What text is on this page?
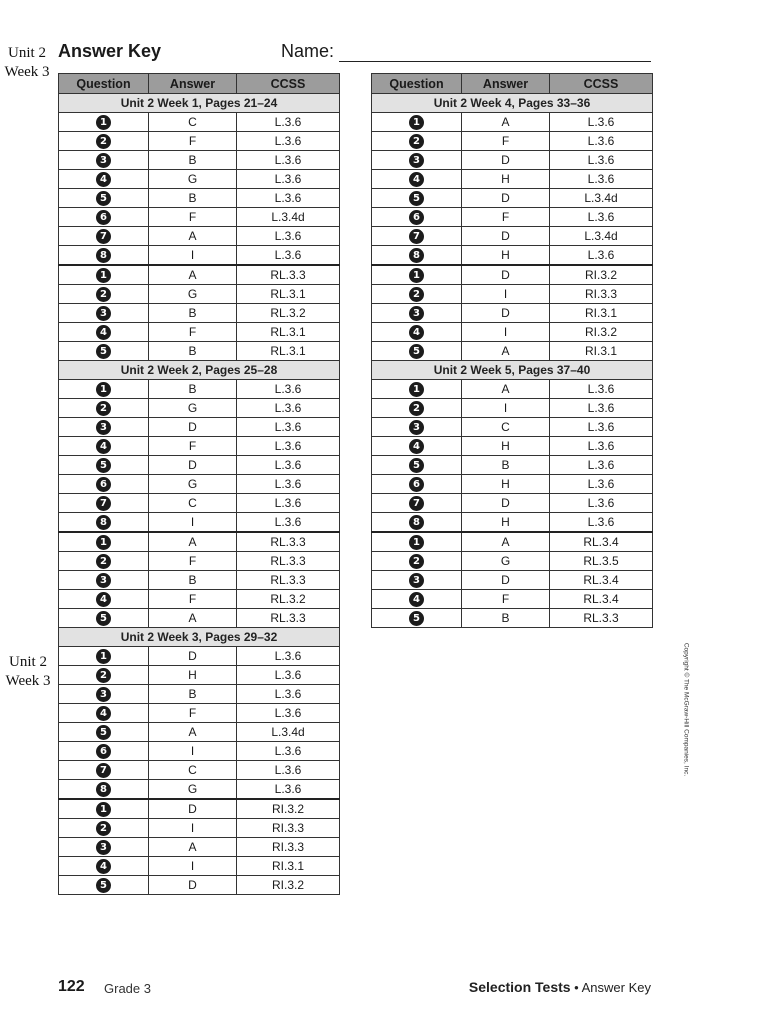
Unit 2
Week 3
Unit 2
Week 3
Answer Key	Name:
Question	Answer	CCSS
Unit 2 Week 1, Pages 21–24		
1	C	L.3.6
2	F	L.3.6
3	B	L.3.6
4	G	L.3.6
5	B	L.3.6
6	F	L.3.4d
7	A	L.3.6
8	I	L.3.6
1	A	RL.3.3
2	G	RL.3.1
3	B	RL.3.2
4	F	RL.3.1
5	B	RL.3.1
Unit 2 Week 2, Pages 25–28		
1	B	L.3.6
2	G	L.3.6
3	D	L.3.6
4	F	L.3.6
5	D	L.3.6
6	G	L.3.6
7	C	L.3.6
8	I	L.3.6
1	A	RL.3.3
2	F	RL.3.3
3	B	RL.3.3
4	F	RL.3.2
5	A	RL.3.3
Unit 2 Week 3, Pages 29–32		
1	D	L.3.6
2	H	L.3.6
3	B	L.3.6
4	F	L.3.6
5	A	L.3.4d
6	I	L.3.6
7	C	L.3.6
8	G	L.3.6
1	D	RI.3.2
2	I	RI.3.3
3	A	RI.3.3
4	I	RI.3.1
5	D	RI.3.2
Question	Answer	CCSS
Unit 2 Week 4, Pages 33–36		
1	A	L.3.6
2	F	L.3.6
3	D	L.3.6
4	H	L.3.6
5	D	L.3.4d
6	F	L.3.6
7	D	L.3.4d
8	H	L.3.6
1	D	RI.3.2
2	I	RI.3.3
3	D	RI.3.1
4	I	RI.3.2
5	A	RI.3.1
Unit 2 Week 5, Pages 37–40		
1	A	L.3.6
2	I	L.3.6
3	C	L.3.6
4	H	L.3.6
5	B	L.3.6
6	H	L.3.6
7	D	L.3.6
8	H	L.3.6
1	A	RL.3.4
2	G	RL.3.5
3	D	RL.3.4
4	F	RL.3.4
5	B	RL.3.3
Copyright © The McGraw-Hill Companies, Inc.
122 Grade 3	Selection Tests • Answer Key
